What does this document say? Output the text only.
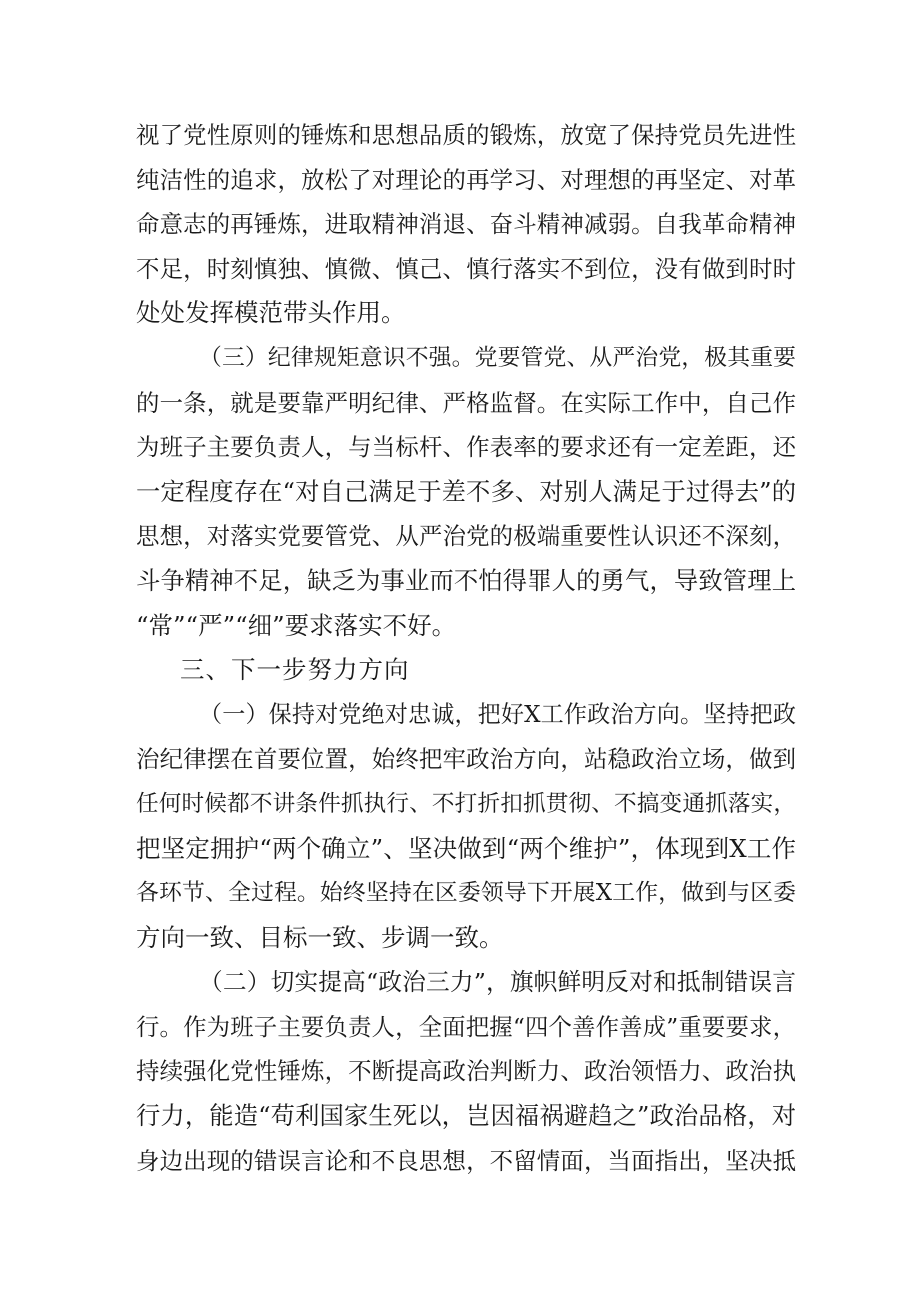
视了党性原则的锤炼和思想品质的锻炼，放宽了保持党员先进性
纯洁性的追求，放松了对理论的再学习、对理想的再坚定、对革
命意志的再锤炼，进取精神消退、奋斗精神减弱。自我革命精神
不足，时刻慎独、慎微、慎己、慎行落实不到位，没有做到时时
处处发挥模范带头作用。
（三）纪律规矩意识不强。党要管党、从严治党，极其重要
的一条，就是要靠严明纪律、严格监督。在实际工作中，自己作
为班子主要负责人，与当标杆、作表率的要求还有一定差距，还
一定程度存在“对自己满足于差不多、对别人满足于过得去”的
思想，对落实党要管党、从严治党的极端重要性认识还不深刻，
斗争精神不足，缺乏为事业而不怕得罪人的勇气，导致管理上
“常”“严”“细”要求落实不好。
三、下一步努力方向
（一）保持对党绝对忠诚，把好X工作政治方向。坚持把政
治纪律摆在首要位置，始终把牢政治方向，站稳政治立场，做到
任何时候都不讲条件抓执行、不打折扣抓贯彻、不搞变通抓落实，
把坚定拥护“两个确立”、坚决做到“两个维护”，体现到X工作
各环节、全过程。始终坚持在区委领导下开展X工作，做到与区委
方向一致、目标一致、步调一致。
（二）切实提高“政治三力”，旗帜鲜明反对和抵制错误言
行。作为班子主要负责人，全面把握“四个善作善成”重要要求，
持续强化党性锤炼，不断提高政治判断力、政治领悟力、政治执
行力，能造“苟利国家生死以，岂因福祸避趋之”政治品格，对
身边出现的错误言论和不良思想，不留情面，当面指出，坚决抵
